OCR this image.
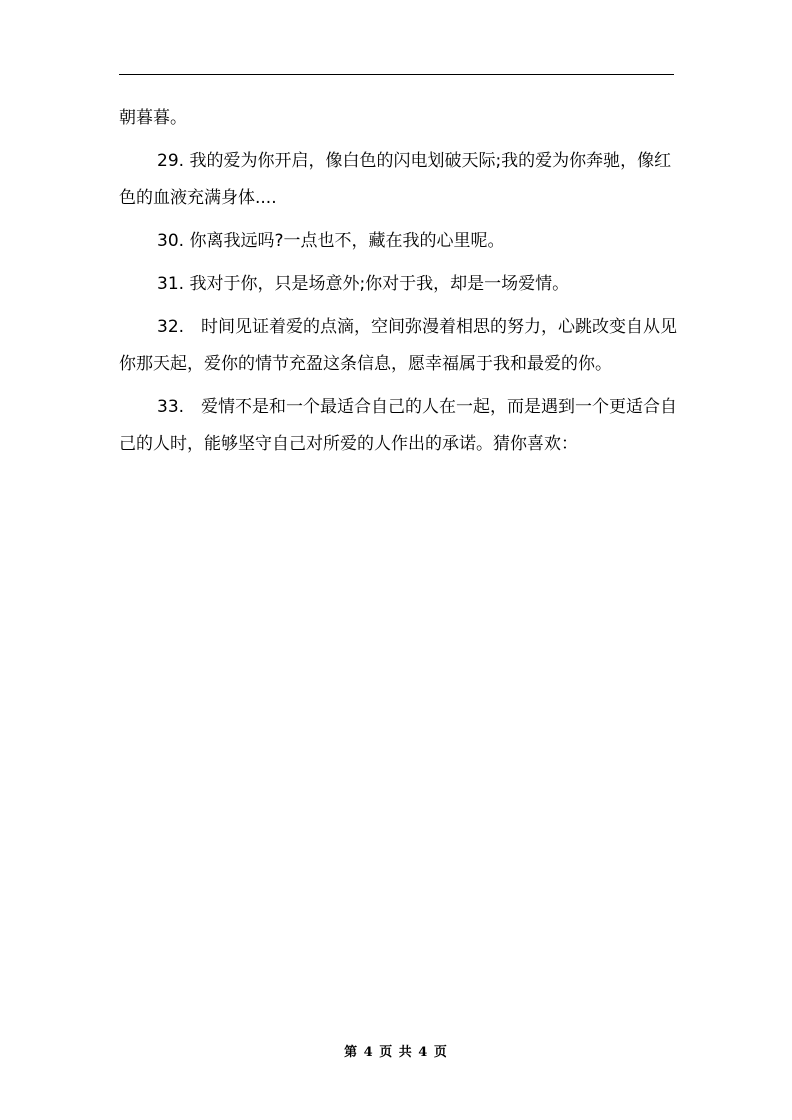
朝暮暮。

29. 我的爱为你开启，像白色的闪电划破天际;我的爱为你奔驰，像红色的血液充满身体....

30. 你离我远吗?一点也不，藏在我的心里呢。

31. 我对于你，只是场意外;你对于我，却是一场爱情。

32.　时间见证着爱的点滴，空间弥漫着相思的努力，心跳改变自从见你那天起，爱你的情节充盈这条信息，愿幸福属于我和最爱的你。

33.　爱情不是和一个最适合自己的人在一起，而是遇到一个更适合自己的人时，能够坚守自己对所爱的人作出的承诺。猜你喜欢：

第 4 页 共 4 页
